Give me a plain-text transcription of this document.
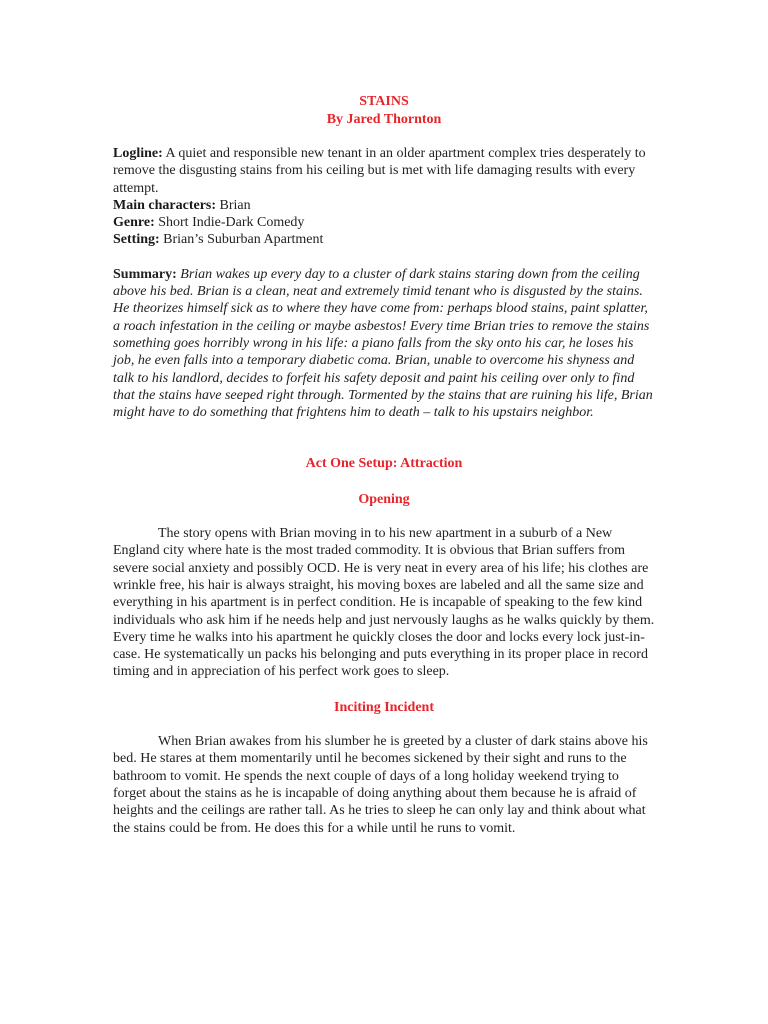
STAINS
By Jared Thornton

Logline: A quiet and responsible new tenant in an older apartment complex tries desperately to remove the disgusting stains from his ceiling but is met with life damaging results with every attempt.

Main characters: Brian

Genre: Short Indie-Dark Comedy

Setting: Brian’s Suburban Apartment

Summary: Brian wakes up every day to a cluster of dark stains staring down from the ceiling above his bed. Brian is a clean, neat and extremely timid tenant who is disgusted by the stains. He theorizes himself sick as to where they have come from: perhaps blood stains, paint splatter, a roach infestation in the ceiling or maybe asbestos! Every time Brian tries to remove the stains something goes horribly wrong in his life: a piano falls from the sky onto his car, he loses his job, he even falls into a temporary diabetic coma. Brian, unable to overcome his shyness and talk to his landlord, decides to forfeit his safety deposit and paint his ceiling over only to find that the stains have seeped right through. Tormented by the stains that are ruining his life, Brian might have to do something that frightens him to death – talk to his upstairs neighbor.

Act One Setup: Attraction
Opening

The story opens with Brian moving in to his new apartment in a suburb of a New England city where hate is the most traded commodity. It is obvious that Brian suffers from severe social anxiety and possibly OCD. He is very neat in every area of his life; his clothes are wrinkle free, his hair is always straight, his moving boxes are labeled and all the same size and everything in his apartment is in perfect condition. He is incapable of speaking to the few kind individuals who ask him if he needs help and just nervously laughs as he walks quickly by them. Every time he walks into his apartment he quickly closes the door and locks every lock just-in-case. He systematically un packs his belonging and puts everything in its proper place in record timing and in appreciation of his perfect work goes to sleep.

Inciting Incident

When Brian awakes from his slumber he is greeted by a cluster of dark stains above his bed. He stares at them momentarily until he becomes sickened by their sight and runs to the bathroom to vomit. He spends the next couple of days of a long holiday weekend trying to forget about the stains as he is incapable of doing anything about them because he is afraid of heights and the ceilings are rather tall. As he tries to sleep he can only lay and think about what the stains could be from. He does this for a while until he runs to vomit.
